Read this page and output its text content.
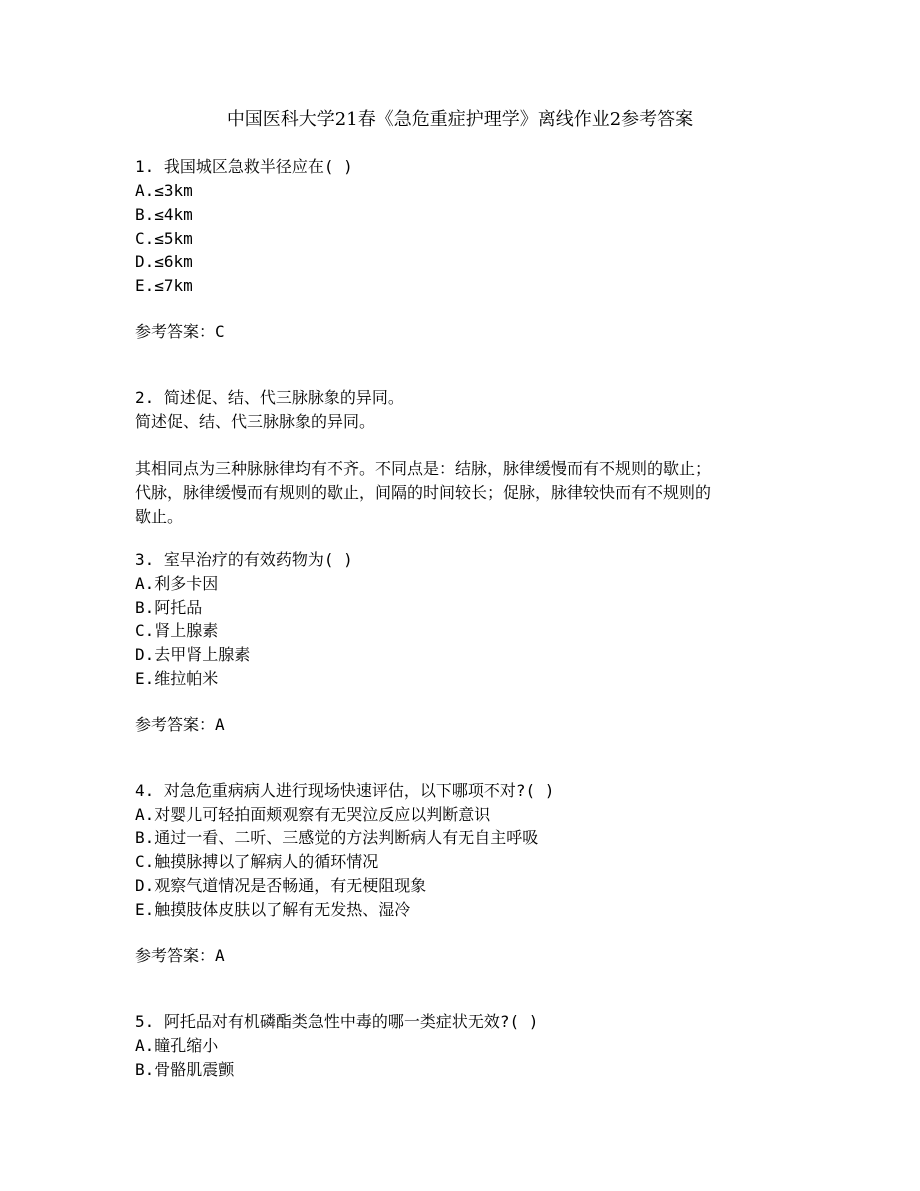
中国医科大学21春《急危重症护理学》离线作业2参考答案
1. 我国城区急救半径应在( )
A.≤3km
B.≤4km
C.≤5km
D.≤6km
E.≤7km
参考答案：C
2. 简述促、结、代三脉脉象的异同。
简述促、结、代三脉脉象的异同。
其相同点为三种脉脉律均有不齐。不同点是：结脉，脉律缓慢而有不规则的歇止；
代脉，脉律缓慢而有规则的歇止，间隔的时间较长；促脉，脉律较快而有不规则的
歇止。
3. 室早治疗的有效药物为( )
A.利多卡因
B.阿托品
C.肾上腺素
D.去甲肾上腺素
E.维拉帕米
参考答案：A
4. 对急危重病病人进行现场快速评估，以下哪项不对?( )
A.对婴儿可轻拍面颊观察有无哭泣反应以判断意识
B.通过一看、二听、三感觉的方法判断病人有无自主呼吸
C.触摸脉搏以了解病人的循环情况
D.观察气道情况是否畅通，有无梗阻现象
E.触摸肢体皮肤以了解有无发热、湿冷
参考答案：A
5. 阿托品对有机磷酯类急性中毒的哪一类症状无效?( )
A.瞳孔缩小
B.骨骼肌震颤
